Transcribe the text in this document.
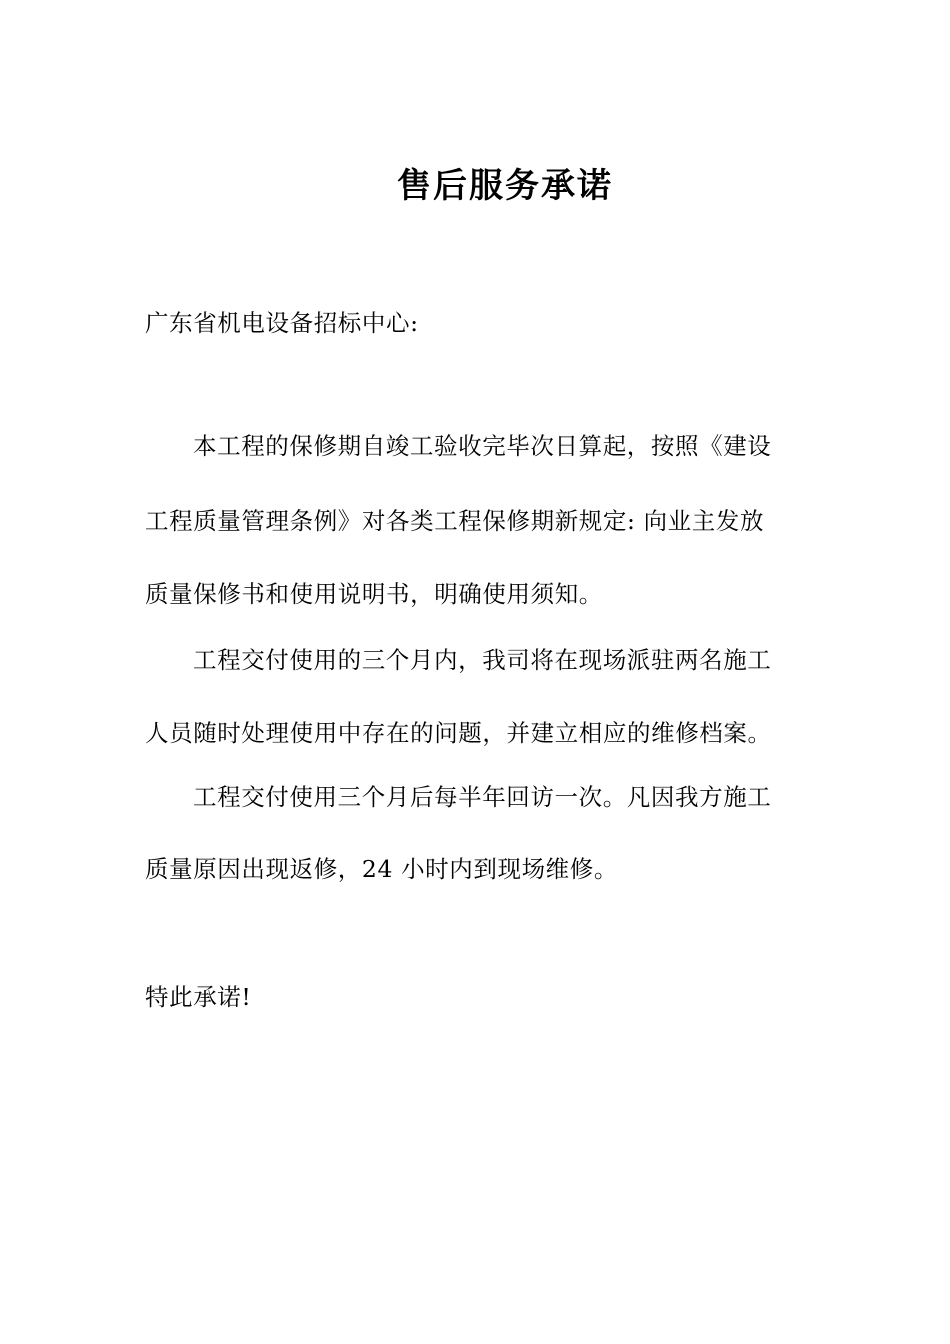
售后服务承诺
广东省机电设备招标中心:
本工程的保修期自竣工验收完毕次日算起，按照《建设
工程质量管理条例》对各类工程保修期新规定: 向业主发放
质量保修书和使用说明书，明确使用须知。
工程交付使用的三个月内，我司将在现场派驻两名施工
人员随时处理使用中存在的问题，并建立相应的维修档案。
工程交付使用三个月后每半年回访一次。凡因我方施工
质量原因出现返修，24 小时内到现场维修。
特此承诺!
